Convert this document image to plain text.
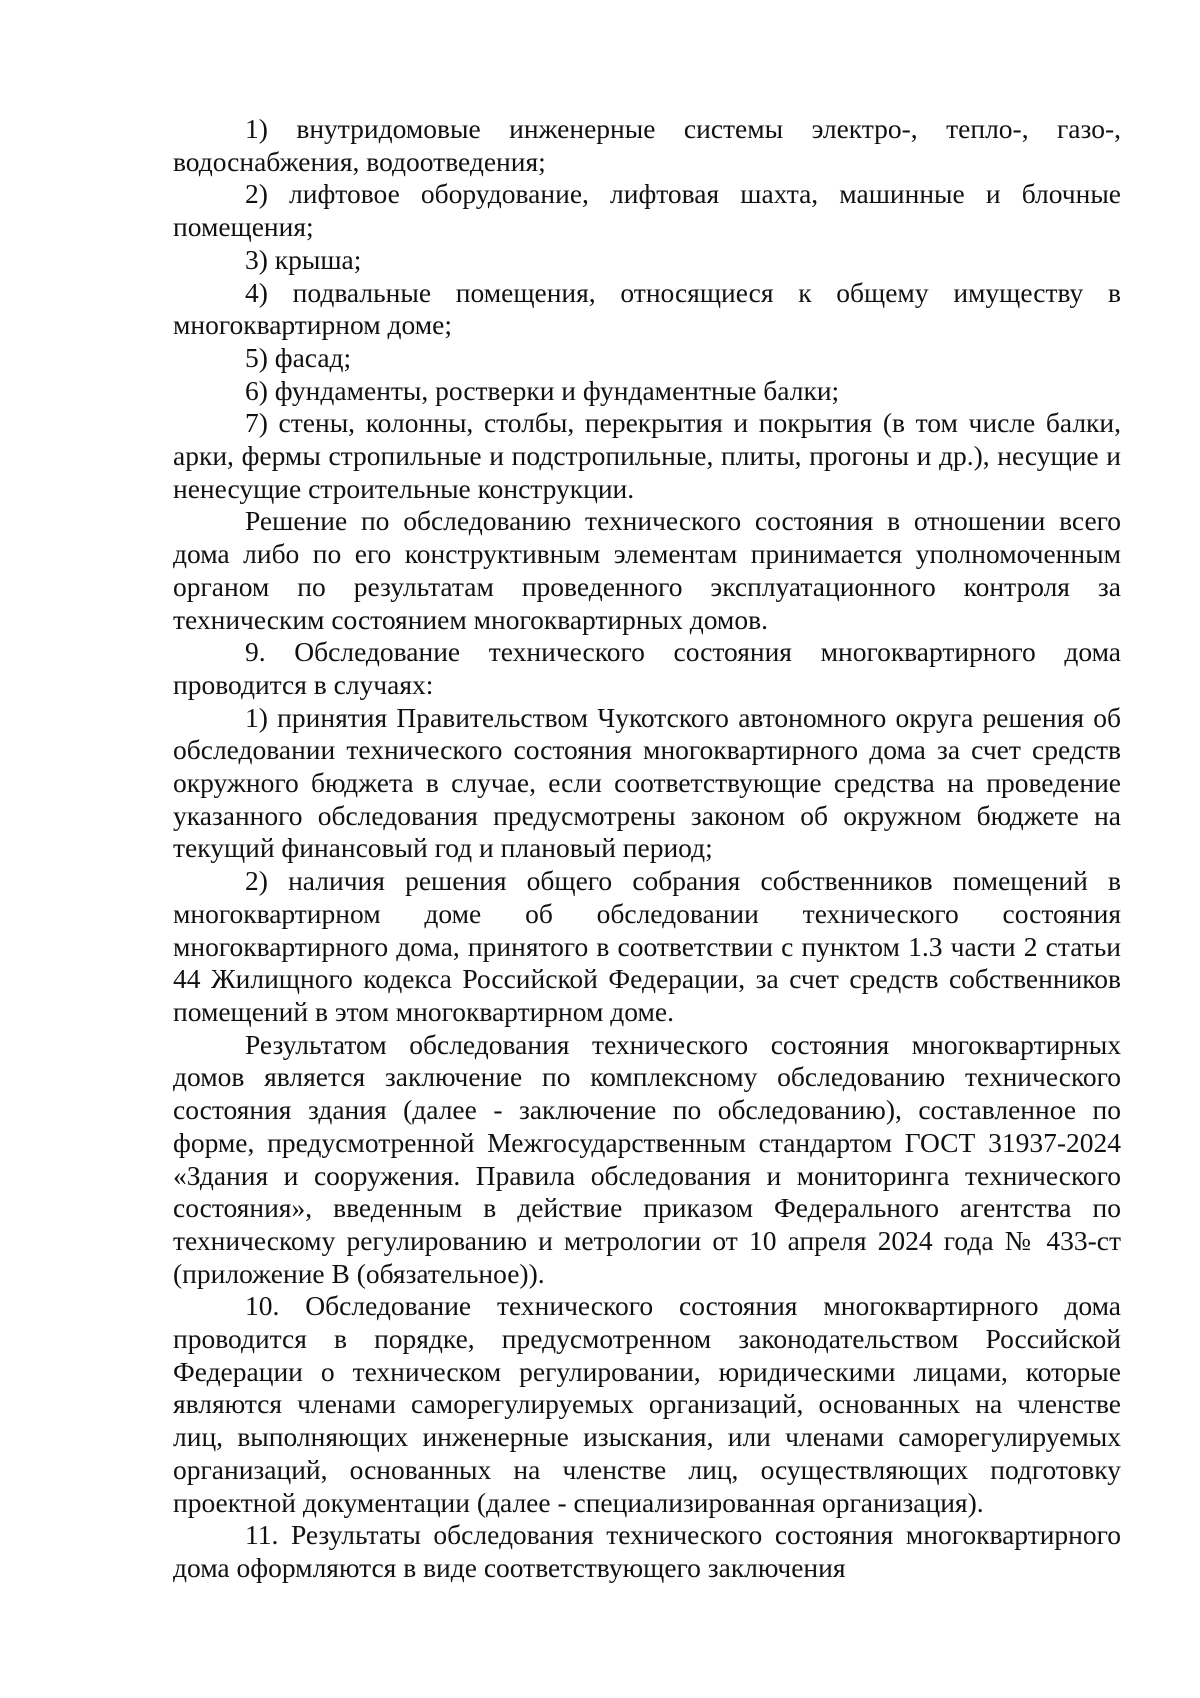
1) внутридомовые инженерные системы электро-, тепло-, газо-, водоснабжения, водоотведения;

2) лифтовое оборудование, лифтовая шахта, машинные и блочные помещения;

3) крыша;

4) подвальные помещения, относящиеся к общему имуществу в многоквартирном доме;

5) фасад;

6) фундаменты, ростверки и фундаментные балки;

7) стены, колонны, столбы, перекрытия и покрытия (в том числе балки, арки, фермы стропильные и подстропильные, плиты, прогоны и др.), несущие и ненесущие строительные конструкции.

Решение по обследованию технического состояния в отношении всего дома либо по его конструктивным элементам принимается уполномоченным органом по результатам проведенного эксплуатационного контроля за техническим состоянием многоквартирных домов.

9. Обследование технического состояния многоквартирного дома проводится в случаях:

1) принятия Правительством Чукотского автономного округа решения об обследовании технического состояния многоквартирного дома за счет средств окружного бюджета в случае, если соответствующие средства на проведение указанного обследования предусмотрены законом об окружном бюджете на текущий финансовый год и плановый период;

2) наличия решения общего собрания собственников помещений в многоквартирном доме об обследовании технического состояния многоквартирного дома, принятого в соответствии с пунктом 1.3 части 2 статьи 44 Жилищного кодекса Российской Федерации, за счет средств собственников помещений в этом многоквартирном доме.

Результатом обследования технического состояния многоквартирных домов является заключение по комплексному обследованию технического состояния здания (далее - заключение по обследованию), составленное по форме, предусмотренной Межгосударственным стандартом ГОСТ 31937-2024 «Здания и сооружения. Правила обследования и мониторинга технического состояния», введенным в действие приказом Федерального агентства по техническому регулированию и метрологии от 10 апреля 2024 года № 433-ст (приложение В (обязательное)).

10. Обследование технического состояния многоквартирного дома проводится в порядке, предусмотренном законодательством Российской Федерации о техническом регулировании, юридическими лицами, которые являются членами саморегулируемых организаций, основанных на членстве лиц, выполняющих инженерные изыскания, или членами саморегулируемых организаций, основанных на членстве лиц, осуществляющих подготовку проектной документации (далее - специализированная организация).

11. Результаты обследования технического состояния многоквартирного дома оформляются в виде соответствующего заключения
